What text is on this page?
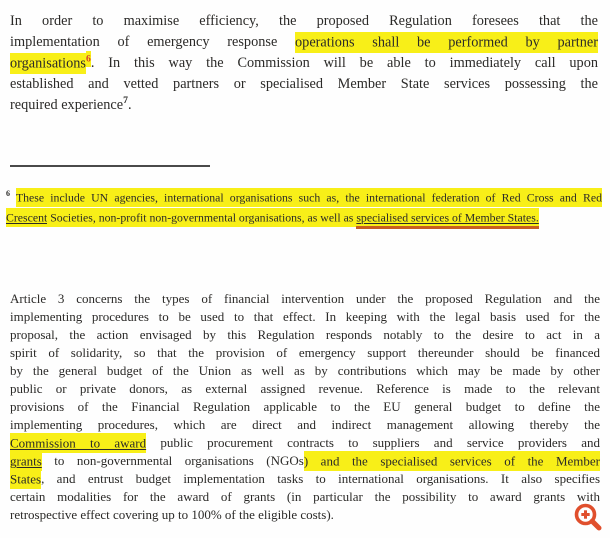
In order to maximise efficiency, the proposed Regulation foresees that the
implementation of emergency response operations shall be performed by partner
organisations$^6$. In this way the Commission will be able to immediately call upon
established and vetted partners or specialised Member State services possessing the
required experience$^7$.
$^6$ These include UN agencies, international organisations such as, the international federation of Red Cross and Red
Crescent Societies, non-profit non-governmental organisations, as well as specialised services of Member States.
Article 3 concerns the types of financial intervention under the proposed Regulation and the
implementing procedures to be used to that effect. In keeping with the legal basis used for the
proposal, the action envisaged by this Regulation responds notably to the desire to act in a
spirit of solidarity, so that the provision of emergency support thereunder should be financed
by the general budget of the Union as well as by contributions which may be made by other
public or private donors, as external assigned revenue. Reference is made to the relevant
provisions of the Financial Regulation applicable to the EU general budget to define the
implementing procedures, which are direct and indirect management allowing thereby the
Commission to award public procurement contracts to suppliers and service providers and
grants to non-governmental organisations (NGOs) and the specialised services of the Member
States, and entrust budget implementation tasks to international organisations. It also specifies
certain modalities for the award of grants (in particular the possibility to award grants with
retrospective effect covering up to 100% of the eligible costs).
